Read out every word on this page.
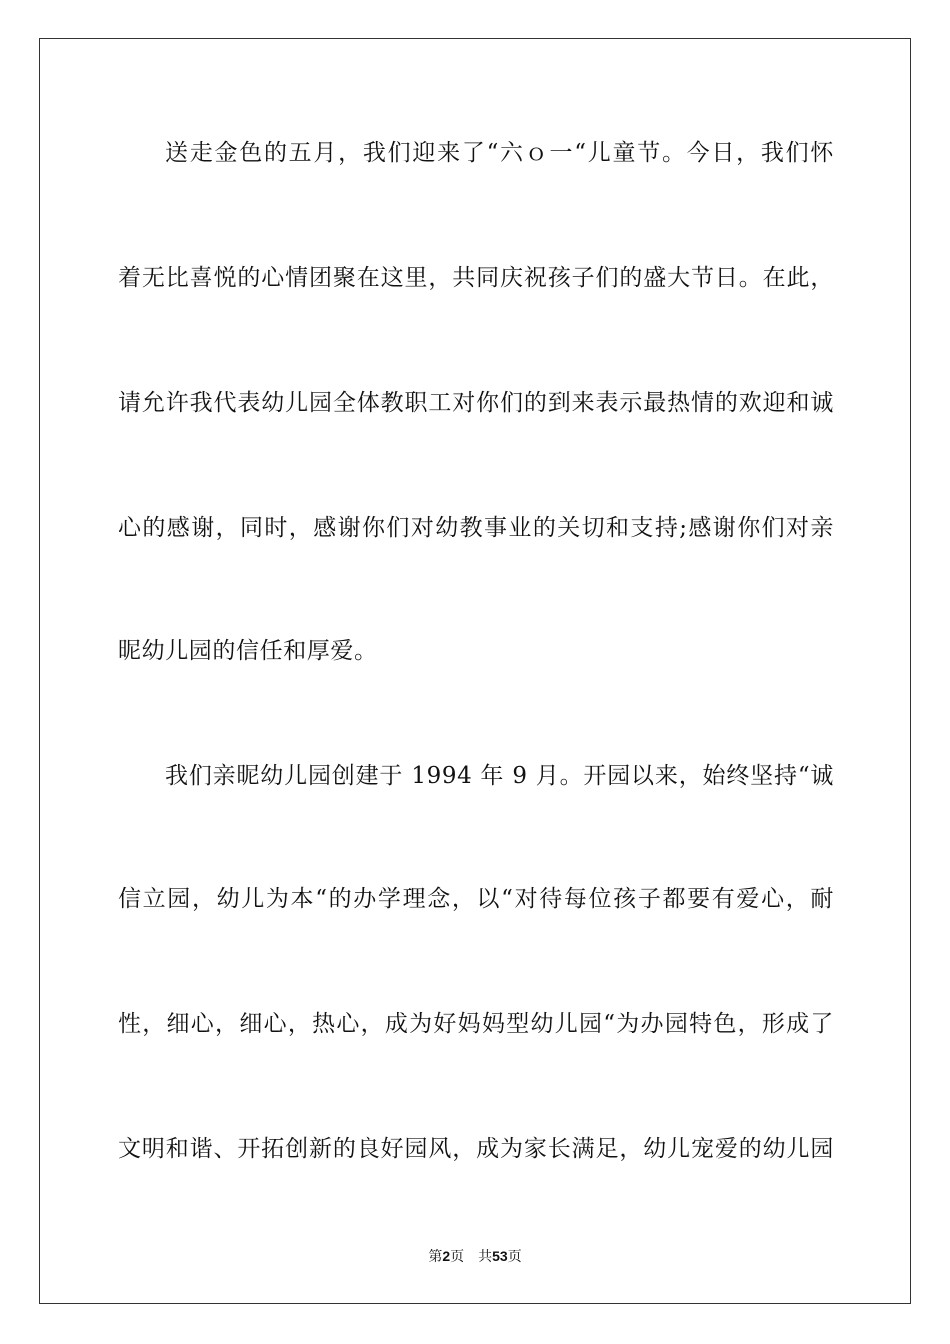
送走金色的五月，我们迎来了“六ｏ一“儿童节。今日，我们怀
着无比喜悦的心情团聚在这里，共同庆祝孩子们的盛大节日。在此，
请允许我代表幼儿园全体教职工对你们的到来表示最热情的欢迎和诚
心的感谢，同时，感谢你们对幼教事业的关切和支持;感谢你们对亲
昵幼儿园的信任和厚爱。
我们亲昵幼儿园创建于 1994 年 9 月。开园以来，始终坚持“诚
信立园，幼儿为本“的办学理念，以“对待每位孩子都要有爱心，耐
性，细心，细心，热心，成为好妈妈型幼儿园“为办园特色，形成了
文明和谐、开拓创新的良好园风，成为家长满足，幼儿宠爱的幼儿园
第2页 共53页
